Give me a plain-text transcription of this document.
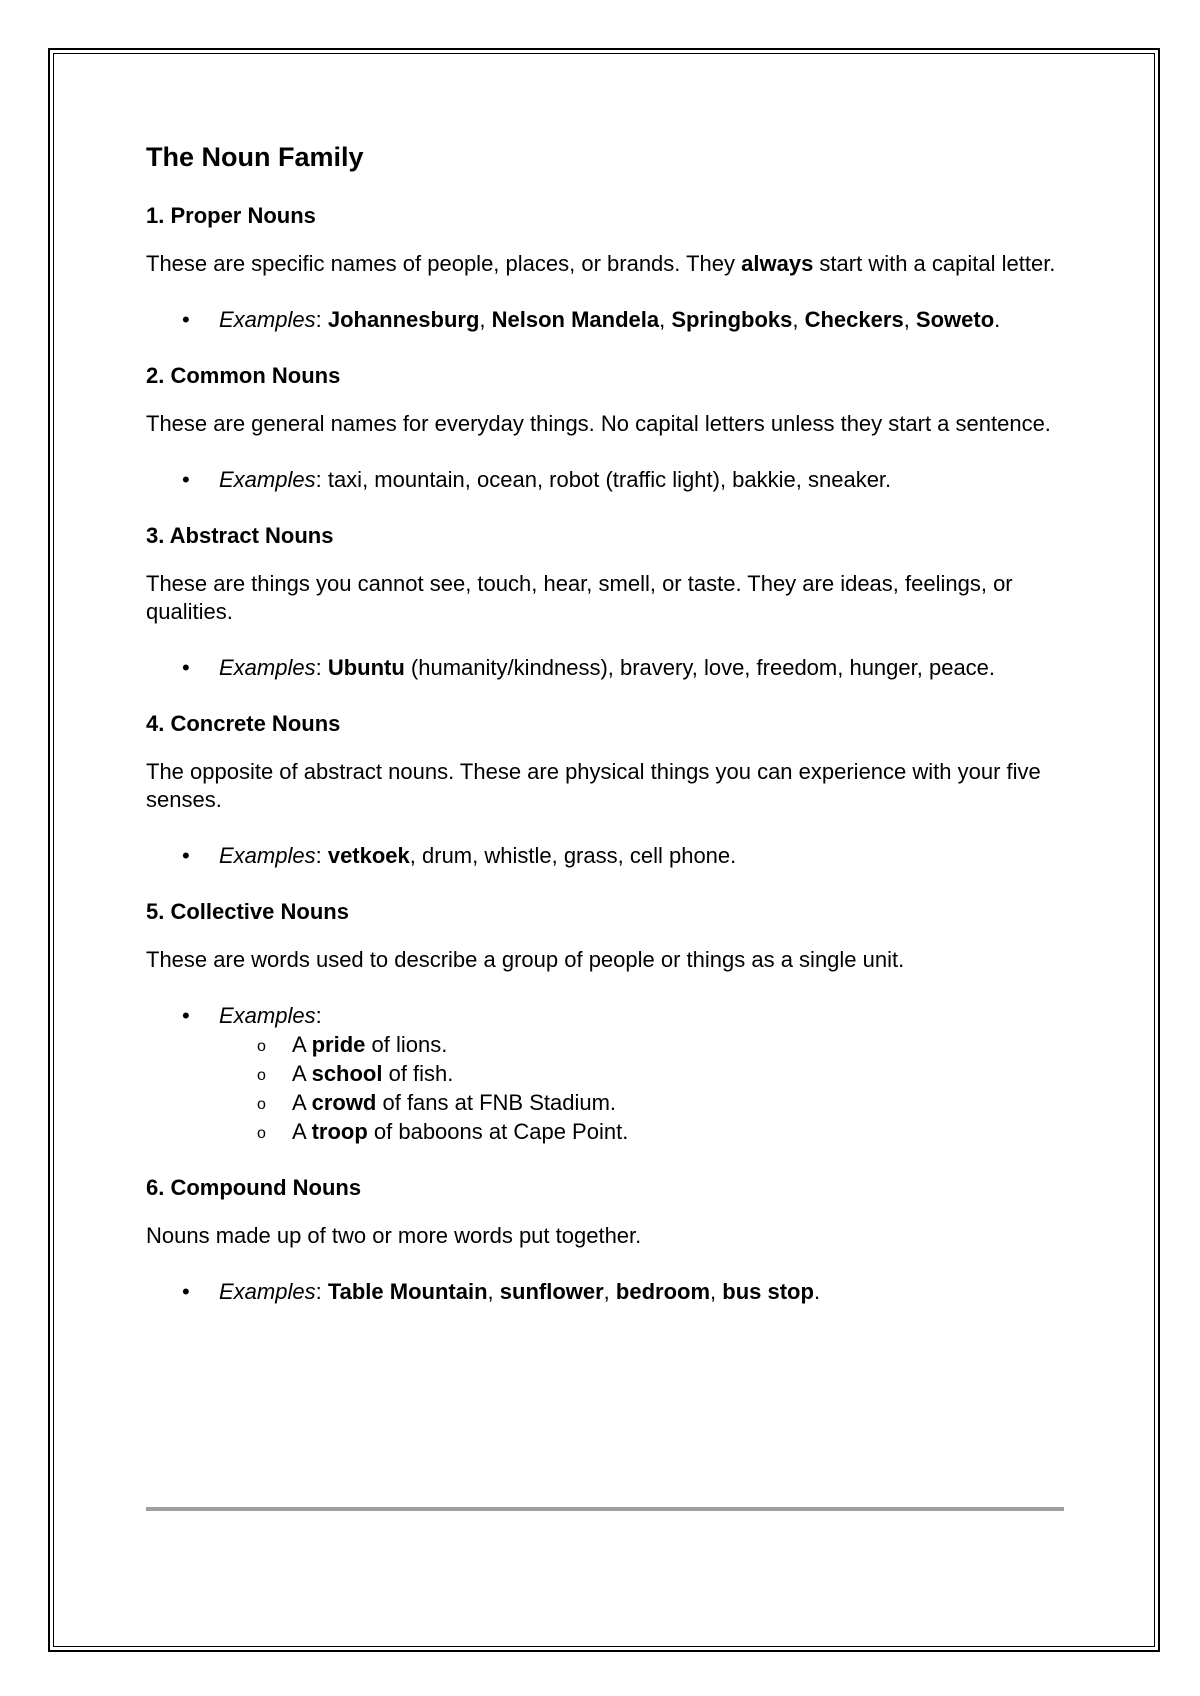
The Noun Family
1. Proper Nouns

These are specific names of people, places, or brands. They always start with a capital letter.

• Examples: Johannesburg, Nelson Mandela, Springboks, Checkers, Soweto.
2. Common Nouns

These are general names for everyday things. No capital letters unless they start a sentence.

• Examples: taxi, mountain, ocean, robot (traffic light), bakkie, sneaker.
3. Abstract Nouns

These are things you cannot see, touch, hear, smell, or taste. They are ideas, feelings, or qualities.

• Examples: Ubuntu (humanity/kindness), bravery, love, freedom, hunger, peace.
4. Concrete Nouns

The opposite of abstract nouns. These are physical things you can experience with your five senses.

• Examples: vetkoek, drum, whistle, grass, cell phone.
5. Collective Nouns

These are words used to describe a group of people or things as a single unit.

• Examples:
o A pride of lions.
o A school of fish.
o A crowd of fans at FNB Stadium.
o A troop of baboons at Cape Point.
6. Compound Nouns

Nouns made up of two or more words put together.

• Examples: Table Mountain, sunflower, bedroom, bus stop.
